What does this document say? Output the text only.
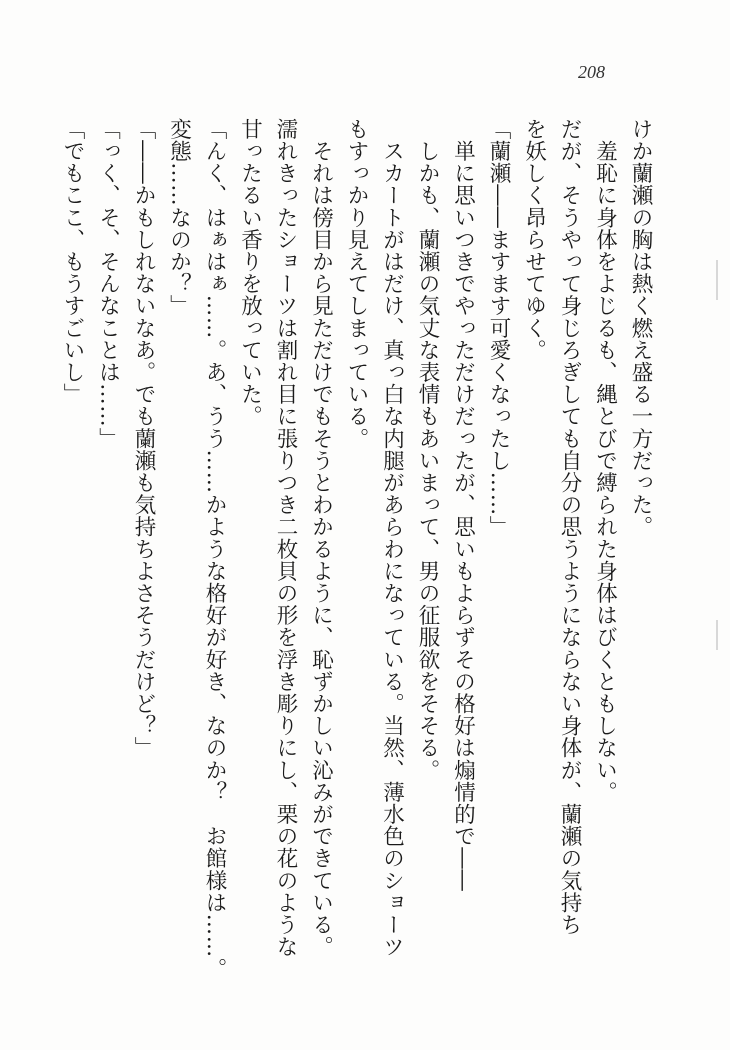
208
けか蘭瀬の胸は熱く燃え盛る一方だった。
　羞恥に身体をよじるも、縄とびで縛られた身体はびくともしない。
だが、そうやって身じろぎしても自分の思うようにならない身体が、蘭瀬の気持ち
を妖しく昂らせてゆく。
「蘭瀬――ますます可愛くなったし……」
　単に思いつきでやっただけだったが、思いもよらずその格好は煽情的で――
　しかも、蘭瀬の気丈な表情もあいまって、男の征服欲をそそる。
　スカートがはだけ、真っ白な内腿があらわになっている。当然、薄水色のショーツ
もすっかり見えてしまっている。
　それは傍目から見ただけでもそうとわかるように、恥ずかしい沁みができている。
濡れきったショーツは割れ目に張りつき二枚貝の形を浮き彫りにし、栗の花のような
甘ったるい香りを放っていた。
「んく、はぁはぁ……。あ、うう……かような格好が好き、なのか？　お館様は……。
変態……なのか？」
「――かもしれないなあ。でも蘭瀬も気持ちよさそうだけど？」
「っく、そ、そんなことは……」
「でもここ、もうすごいし」
